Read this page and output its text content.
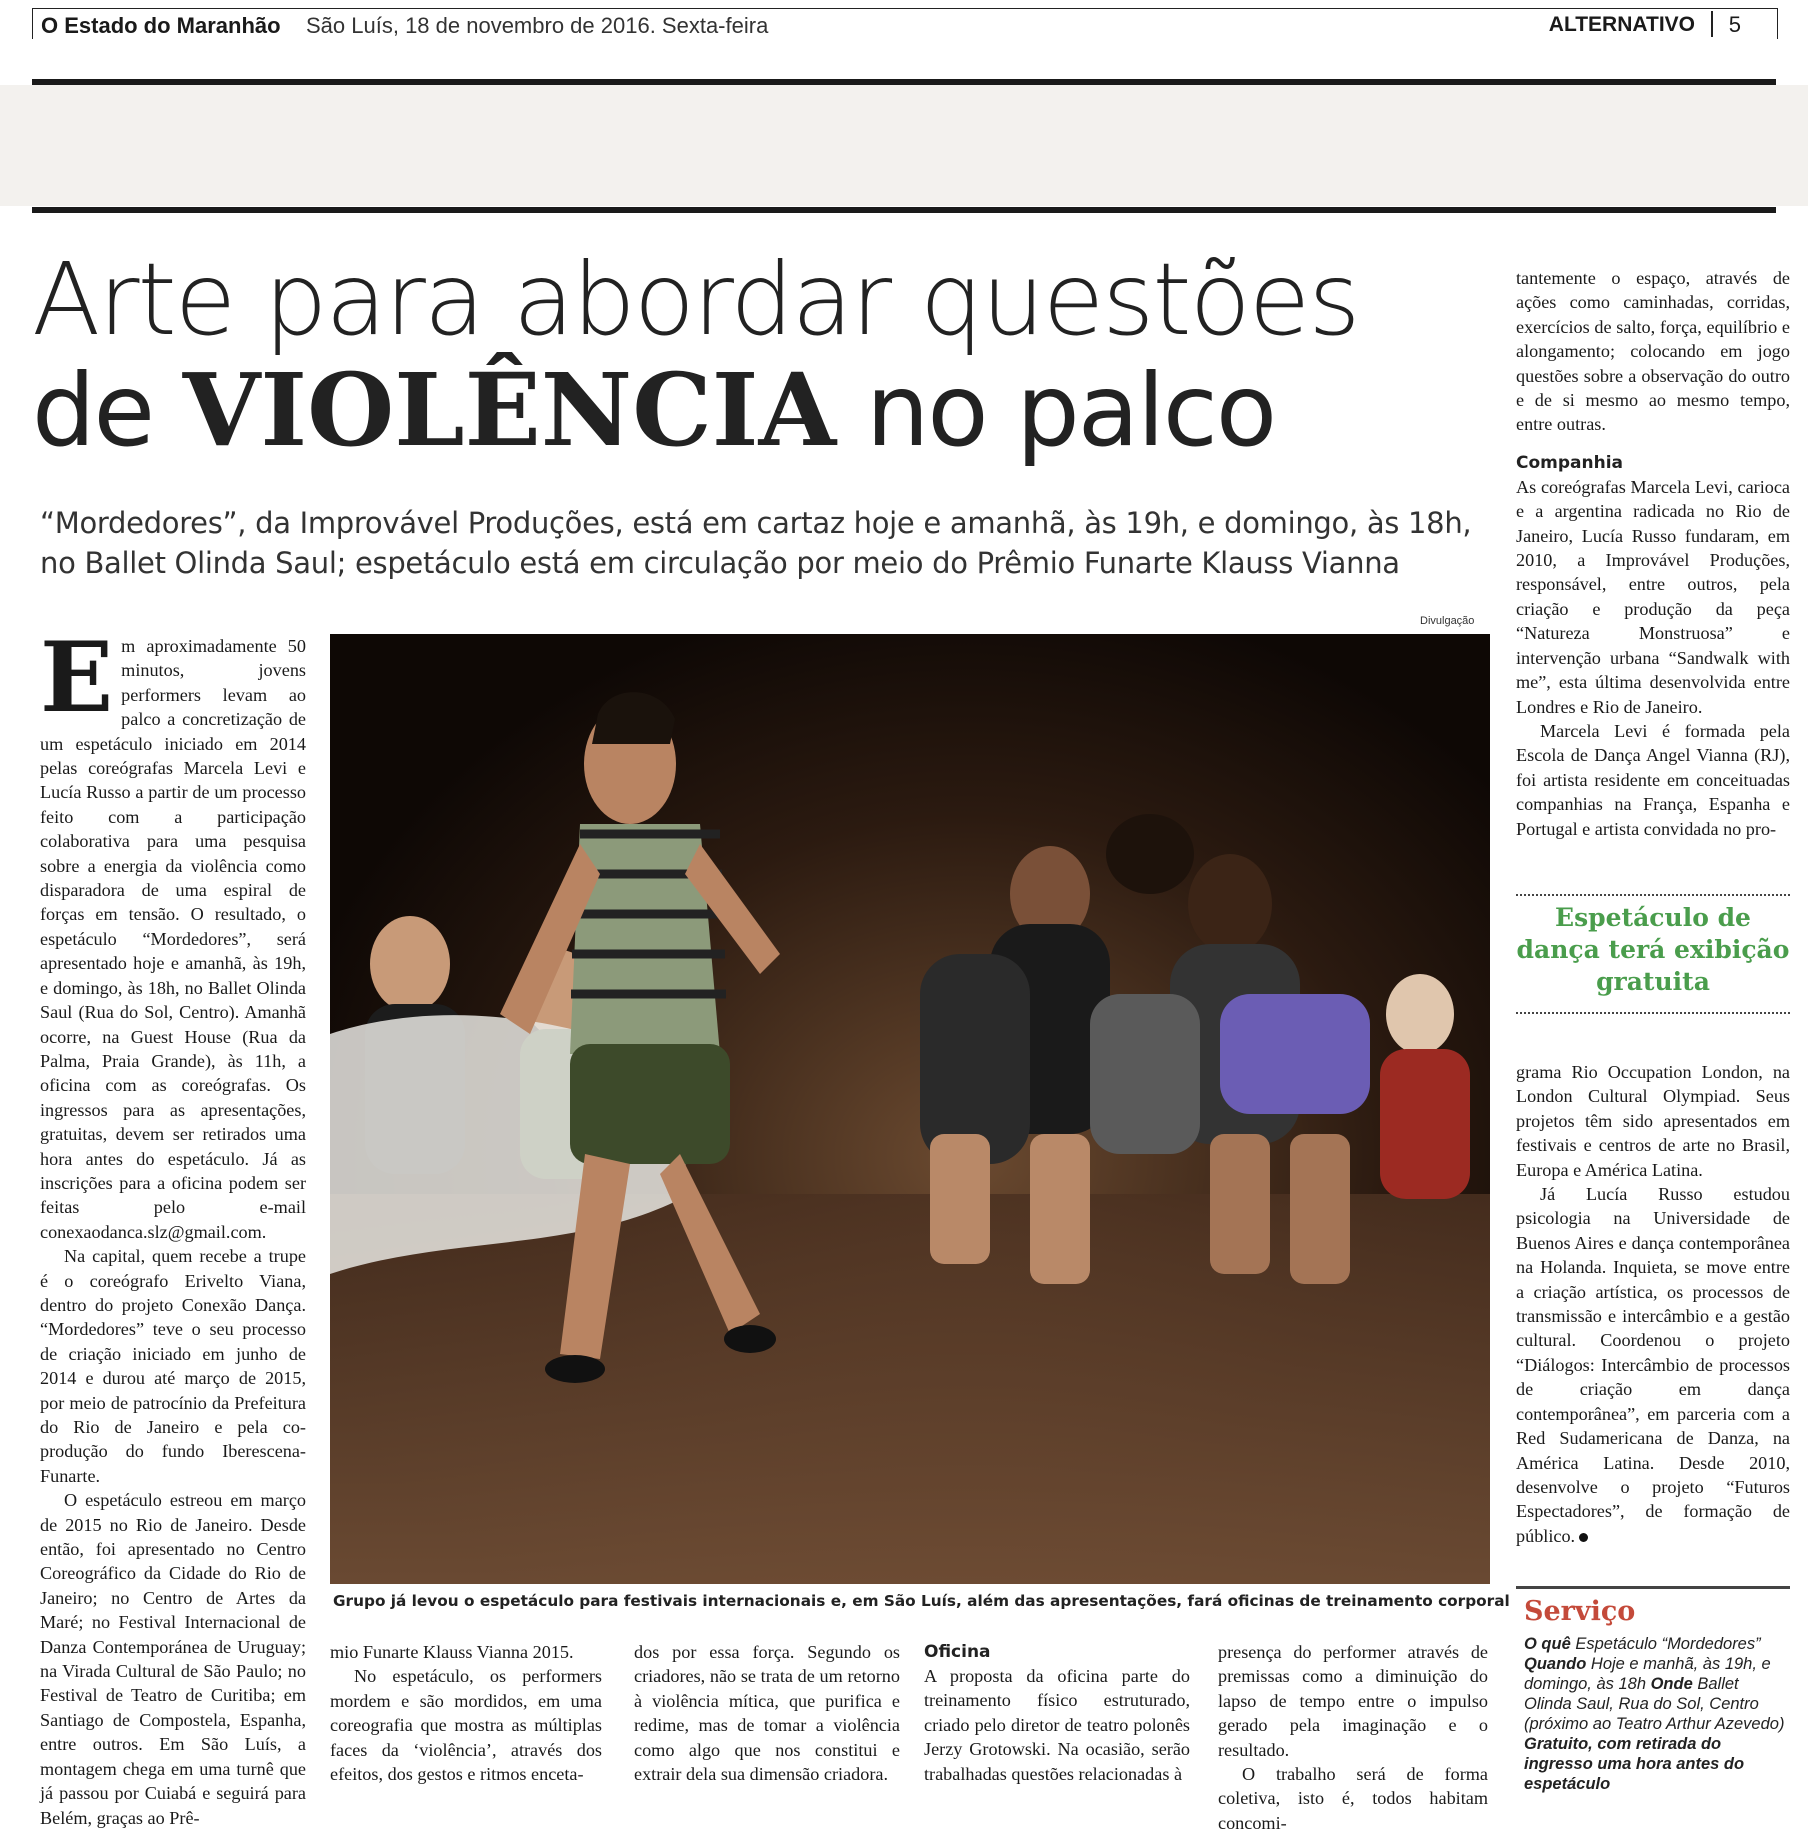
O Estado do Maranhão São Luís, 18 de novembro de 2016. Sexta-feira	ALTERNATIVO 5
Arte para abordar questões
de VIOLÊNCIA no palco
“Mordedores”, da Improvável Produções, está em cartaz hoje e amanhã, às 19h, e domingo, às 18h, no Ballet Olinda Saul; espetáculo está em circulação por meio do Prêmio Funarte Klauss Vianna
E m aproximadamente 50 minutos, jovens performers levam ao palco a concretização de um espetáculo iniciado em 2014 pelas coreógrafas Marcela Levi e Lucía Russo a partir de um processo feito com a participação colaborativa para uma pesquisa sobre a energia da violência como disparadora de uma espiral de forças em tensão. O resultado, o espetáculo “Mordedores”, será apresentado hoje e amanhã, às 19h, e domingo, às 18h, no Ballet Olinda Saul (Rua do Sol, Centro). Amanhã ocorre, na Guest House (Rua da Palma, Praia Grande), às 11h, a oficina com as coreógrafas. Os ingressos para as apresentações, gratuitas, devem ser retirados uma hora antes do espetáculo. Já as inscrições para a oficina podem ser feitas pelo e-mail conexaodanca.slz@gmail.com.

Na capital, quem recebe a trupe é o coreógrafo Erivelto Viana, dentro do projeto Conexão Dança. “Mordedores” teve o seu processo de criação iniciado em junho de 2014 e durou até março de 2015, por meio de patrocínio da Prefeitura do Rio de Janeiro e pela co-produção do fundo Iberescena-Funarte.

O espetáculo estreou em março de 2015 no Rio de Janeiro. Desde então, foi apresentado no Centro Coreográfico da Cidade do Rio de Janeiro; no Centro de Artes da Maré; no Festival Internacional de Danza Contemporánea de Uruguay; na Virada Cultural de São Paulo; no Festival de Teatro de Curitiba; em Santiago de Compostela, Espanha, entre outros. Em São Luís, a montagem chega em uma turnê que já passou por Cuiabá e seguirá para Belém, graças ao Prê-

Divulgação
Grupo já levou o espetáculo para festivais internacionais e, em São Luís, além das apresentações, fará oficinas de treinamento corporal

mio Funarte Klauss Vianna 2015.

No espetáculo, os performers mordem e são mordidos, em uma coreografia que mostra as múltiplas faces da ‘violência’, através dos efeitos, dos gestos e ritmos enceta-

dos por essa força. Segundo os criadores, não se trata de um retorno à violência mítica, que purifica e redime, mas de tomar a violência como algo que nos constitui e extrair dela sua dimensão criadora.

Oficina

A proposta da oficina parte do treinamento físico estruturado, criado pelo diretor de teatro polonês Jerzy Grotowski. Na ocasião, serão trabalhadas questões relacionadas à

presença do performer através de premissas como a diminuição do lapso de tempo entre o impulso gerado pela imaginação e o resultado.

O trabalho será de forma coletiva, isto é, todos habitam concomi-

tantemente o espaço, através de ações como caminhadas, corridas, exercícios de salto, força, equilíbrio e alongamento; colocando em jogo questões sobre a observação do outro e de si mesmo ao mesmo tempo, entre outras.

Companhia

As coreógrafas Marcela Levi, carioca e a argentina radicada no Rio de Janeiro, Lucía Russo fundaram, em 2010, a Improvável Produções, responsável, entre outros, pela criação e produção da peça “Natureza Monstruosa” e intervenção urbana “Sandwalk with me”, esta última desenvolvida entre Londres e Rio de Janeiro.

Marcela Levi é formada pela Escola de Dança Angel Vianna (RJ), foi artista residente em conceituadas companhias na França, Espanha e Portugal e artista convidada no pro-

Espetáculo de dança terá exibição gratuita

grama Rio Occupation London, na London Cultural Olympiad. Seus projetos têm sido apresentados em festivais e centros de arte no Brasil, Europa e América Latina.

Já Lucía Russo estudou psicologia na Universidade de Buenos Aires e dança contemporânea na Holanda. Inquieta, se move entre a criação artística, os processos de transmissão e intercâmbio e a gestão cultural. Coordenou o projeto “Diálogos: Intercâmbio de processos de criação em dança contemporânea”, em parceria com a Red Sudamericana de Danza, na América Latina. Desde 2010, desenvolve o projeto “Futuros Espectadores”, de formação de público.

Serviço
O quê Espetáculo “Mordedores”
Quando Hoje e manhã, às 19h, e domingo, às 18h Onde Ballet Olinda Saul, Rua do Sol, Centro (próximo ao Teatro Arthur Azevedo)
Gratuito, com retirada do ingresso uma hora antes do espetáculo
